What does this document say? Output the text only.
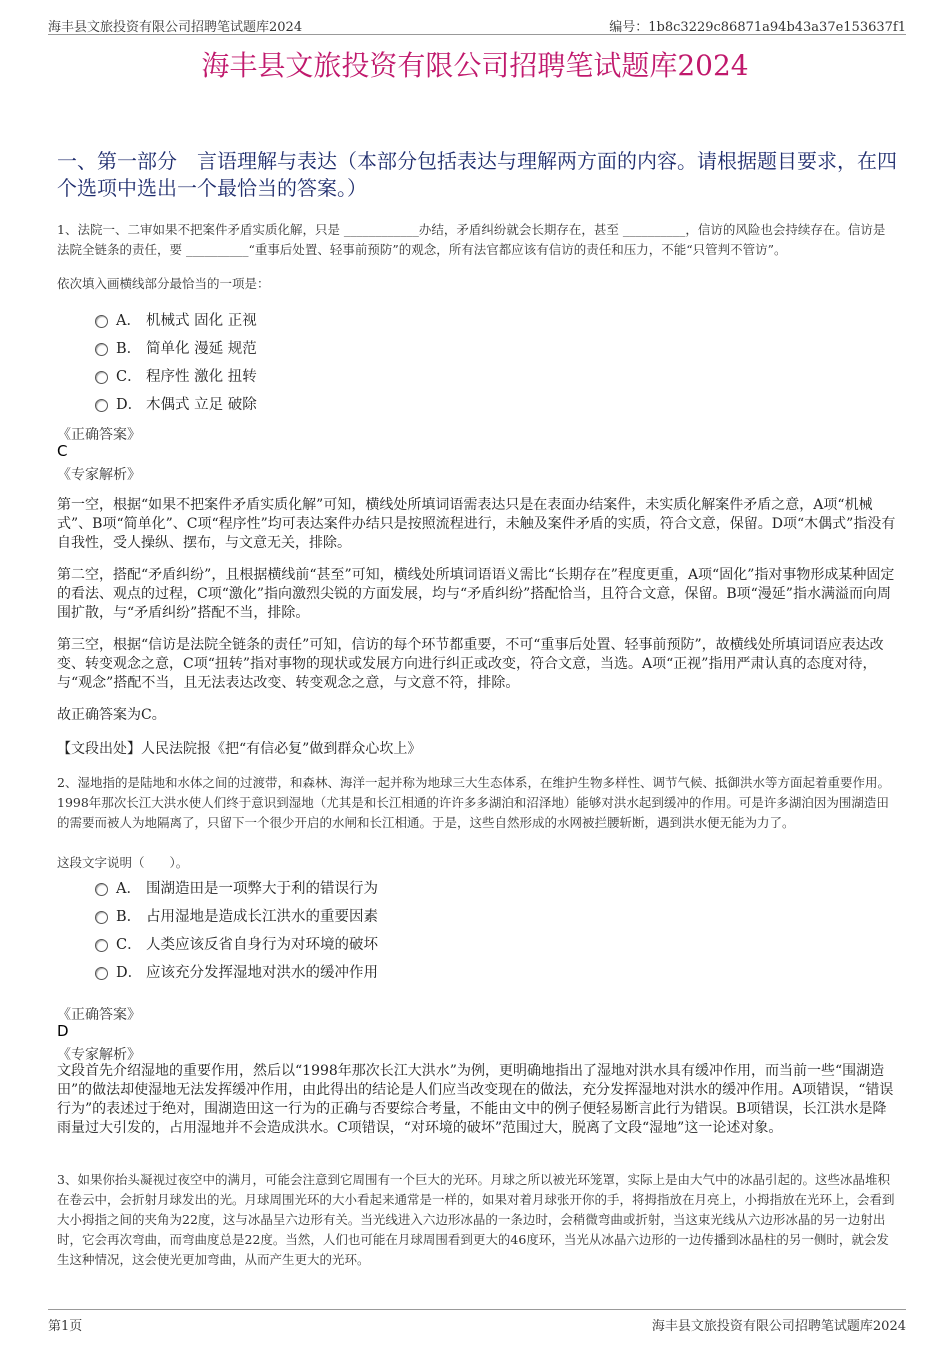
海丰县文旅投资有限公司招聘笔试题库2024	编号：1b8c3229c86871a94b43a37e153637f1
海丰县文旅投资有限公司招聘笔试题库2024
一、第一部分　言语理解与表达（本部分包括表达与理解两方面的内容。请根据题目要求，在四个选项中选出一个最恰当的答案。）
1、法院一、二审如果不把案件矛盾实质化解，只是 ____________办结，矛盾纠纷就会长期存在，甚至 __________，信访的风险也会持续存在。信访是法院全链条的责任，要 __________“重事后处置、轻事前预防”的观念，所有法官都应该有信访的责任和压力，不能“只管判不管访”。
依次填入画横线部分最恰当的一项是：
A． 机械式 固化 正视
B． 简单化 漫延 规范
C． 程序性 激化 扭转
D． 木偶式 立足 破除
《正确答案》
C
《专家解析》
第一空，根据“如果不把案件矛盾实质化解”可知，横线处所填词语需表达只是在表面办结案件，未实质化解案件矛盾之意，A项“机械式”、B项“简单化”、C项“程序性”均可表达案件办结只是按照流程进行，未触及案件矛盾的实质，符合文意，保留。D项“木偶式”指没有自我性，受人操纵、摆布，与文意无关，排除。
第二空，搭配“矛盾纠纷”，且根据横线前“甚至”可知，横线处所填词语语义需比“长期存在”程度更重，A项“固化”指对事物形成某种固定的看法、观点的过程，C项“激化”指向激烈尖锐的方面发展，均与“矛盾纠纷”搭配恰当，且符合文意，保留。B项“漫延”指水满溢而向周围扩散，与“矛盾纠纷”搭配不当，排除。
第三空，根据“信访是法院全链条的责任”可知，信访的每个环节都重要，不可“重事后处置、轻事前预防”，故横线处所填词语应表达改变、转变观念之意，C项“扭转”指对事物的现状或发展方向进行纠正或改变，符合文意，当选。A项“正视”指用严肃认真的态度对待，与“观念”搭配不当，且无法表达改变、转变观念之意，与文意不符，排除。
故正确答案为C。
【文段出处】人民法院报《把“有信必复”做到群众心坎上》
2、湿地指的是陆地和水体之间的过渡带，和森林、海洋一起并称为地球三大生态体系，在维护生物多样性、调节气候、抵御洪水等方面起着重要作用。1998年那次长江大洪水使人们终于意识到湿地（尤其是和长江相通的许许多多湖泊和沼泽地）能够对洪水起到缓冲的作用。可是许多湖泊因为围湖造田的需要而被人为地隔离了，只留下一个很少开启的水闸和长江相通。于是，这些自然形成的水网被拦腰斩断，遇到洪水便无能为力了。
这段文字说明（　　）。
A． 围湖造田是一项弊大于利的错误行为
B． 占用湿地是造成长江洪水的重要因素
C． 人类应该反省自身行为对环境的破坏
D． 应该充分发挥湿地对洪水的缓冲作用
《正确答案》
D
《专家解析》
文段首先介绍湿地的重要作用，然后以“1998年那次长江大洪水”为例，更明确地指出了湿地对洪水具有缓冲作用，而当前一些“围湖造田”的做法却使湿地无法发挥缓冲作用，由此得出的结论是人们应当改变现在的做法，充分发挥湿地对洪水的缓冲作用。A项错误，“错误行为”的表述过于绝对，围湖造田这一行为的正确与否要综合考量，不能由文中的例子便轻易断言此行为错误。B项错误，长江洪水是降雨量过大引发的，占用湿地并不会造成洪水。C项错误，“对环境的破坏”范围过大，脱离了文段“湿地”这一论述对象。
3、如果你抬头凝视过夜空中的满月，可能会注意到它周围有一个巨大的光环。月球之所以被光环笼罩，实际上是由大气中的冰晶引起的。这些冰晶堆积在卷云中，会折射月球发出的光。月球周围光环的大小看起来通常是一样的，如果对着月球张开你的手，将拇指放在月亮上，小拇指放在光环上，会看到大小拇指之间的夹角为22度，这与冰晶呈六边形有关。当光线进入六边形冰晶的一条边时，会稍微弯曲或折射，当这束光线从六边形冰晶的另一边射出时，它会再次弯曲，而弯曲度总是22度。当然，人们也可能在月球周围看到更大的46度环，当光从冰晶六边形的一边传播到冰晶柱的另一侧时，就会发生这种情况，这会使光更加弯曲，从而产生更大的光环。
第1页	海丰县文旅投资有限公司招聘笔试题库2024
